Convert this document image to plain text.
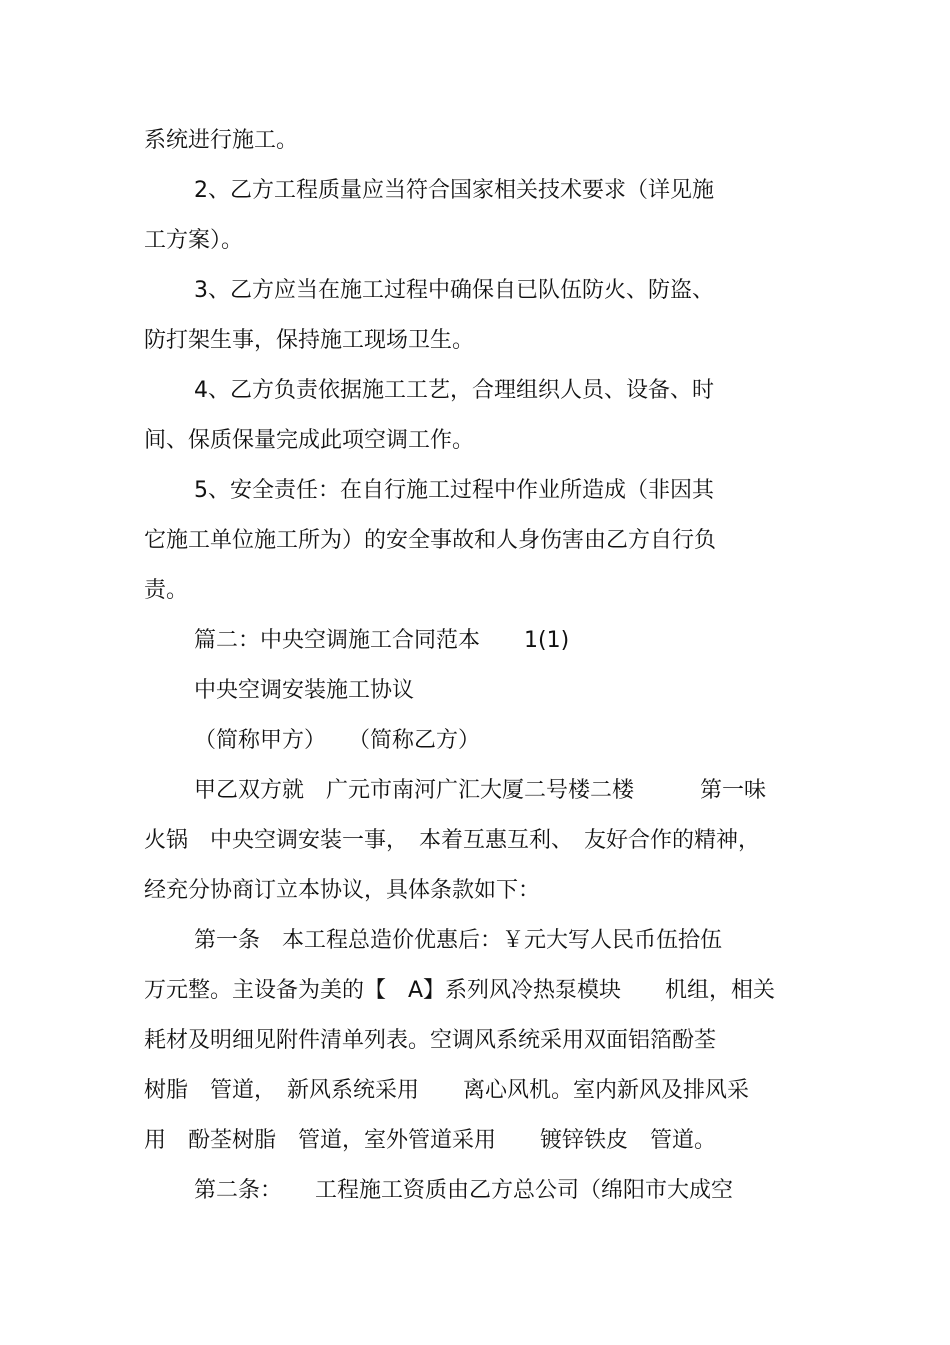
系统进行施工。
2、乙方工程质量应当符合国家相关技术要求（详见施
工方案）。
3、乙方应当在施工过程中确保自已队伍防火、防盗、
防打架生事，保持施工现场卫生。
4、乙方负责依据施工工艺，合理组织人员、设备、时
间、保质保量完成此项空调工作。
5、安全责任：在自行施工过程中作业所造成（非因其
它施工单位施工所为）的安全事故和人身伤害由乙方自行负
责。
篇二：中央空调施工合同范本　　1(1)
中央空调安装施工协议
（简称甲方）　　（简称乙方）
甲乙双方就　广元市南河广汇大厦二号楼二楼　　　第一味
火锅　中央空调安装一事，　本着互惠互利、　友好合作的精神，
经充分协商订立本协议，具体条款如下：
第一条　本工程总造价优惠后：￥元大写人民币伍拾伍
万元整。主设备为美的【　A】系列风冷热泵模块　　机组，相关
耗材及明细见附件清单列表。空调风系统采用双面铝箔酚荃
树脂　管道，　新风系统采用　　离心风机。室内新风及排风采
用　酚荃树脂　管道，室外管道采用　　镀锌铁皮　管道。
第二条：　　工程施工资质由乙方总公司（绵阳市大成空
